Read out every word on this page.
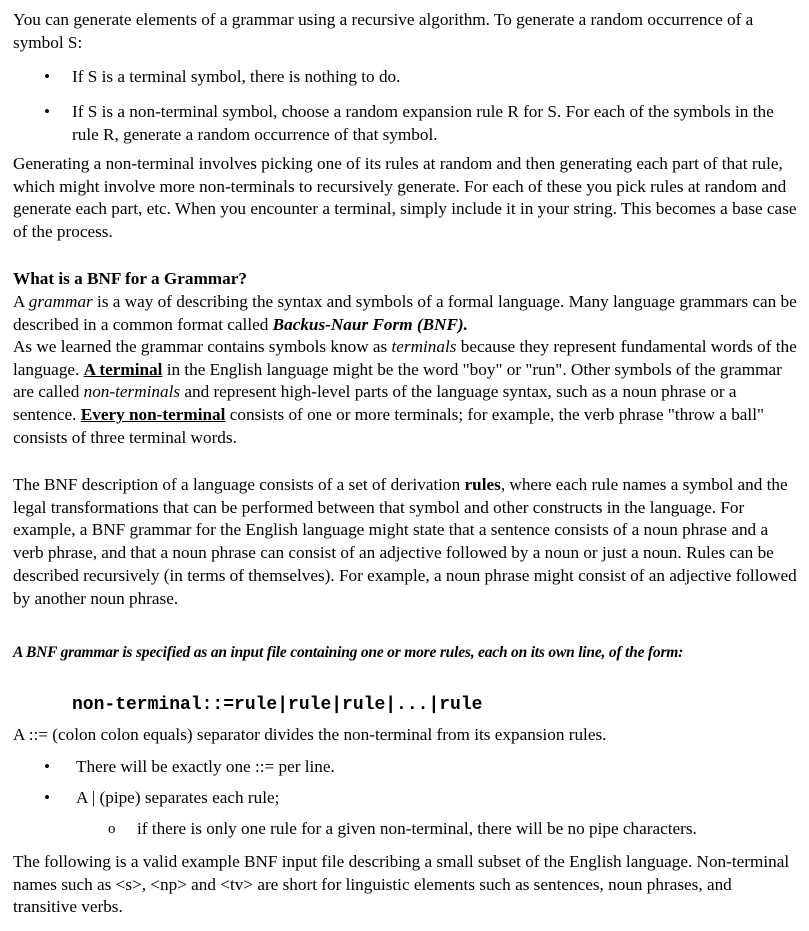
You can generate elements of a grammar using a recursive algorithm. To generate a random occurrence of a symbol S:

• If S is a terminal symbol, there is nothing to do.

• If S is a non-terminal symbol, choose a random expansion rule R for S. For each of the symbols in the rule R, generate a random occurrence of that symbol.

Generating a non-terminal involves picking one of its rules at random and then generating each part of that rule, which might involve more non-terminals to recursively generate. For each of these you pick rules at random and generate each part, etc. When you encounter a terminal, simply include it in your string. This becomes a base case of the process.

What is a BNF for a Grammar?

A grammar is a way of describing the syntax and symbols of a formal language. Many language grammars can be described in a common format called Backus-Naur Form (BNF).

As we learned the grammar contains symbols know as terminals because they represent fundamental words of the language. A terminal in the English language might be the word "boy" or "run". Other symbols of the grammar are called non-terminals and represent high-level parts of the language syntax, such as a noun phrase or a sentence. Every non-terminal consists of one or more terminals; for example, the verb phrase "throw a ball" consists of three terminal words.

The BNF description of a language consists of a set of derivation rules, where each rule names a symbol and the legal transformations that can be performed between that symbol and other constructs in the language. For example, a BNF grammar for the English language might state that a sentence consists of a noun phrase and a verb phrase, and that a noun phrase can consist of an adjective followed by a noun or just a noun. Rules can be described recursively (in terms of themselves). For example, a noun phrase might consist of an adjective followed by another noun phrase.

A BNF grammar is specified as an input file containing one or more rules, each on its own line, of the form:

non-terminal::=rule|rule|rule|...|rule

A ::= (colon colon equals) separator divides the non-terminal from its expansion rules.

• There will be exactly one ::= per line.

• A | (pipe) separates each rule;

o if there is only one rule for a given non-terminal, there will be no pipe characters.

The following is a valid example BNF input file describing a small subset of the English language. Non-terminal names such as <s>, <np> and <tv> are short for linguistic elements such as sentences, noun phrases, and transitive verbs.
